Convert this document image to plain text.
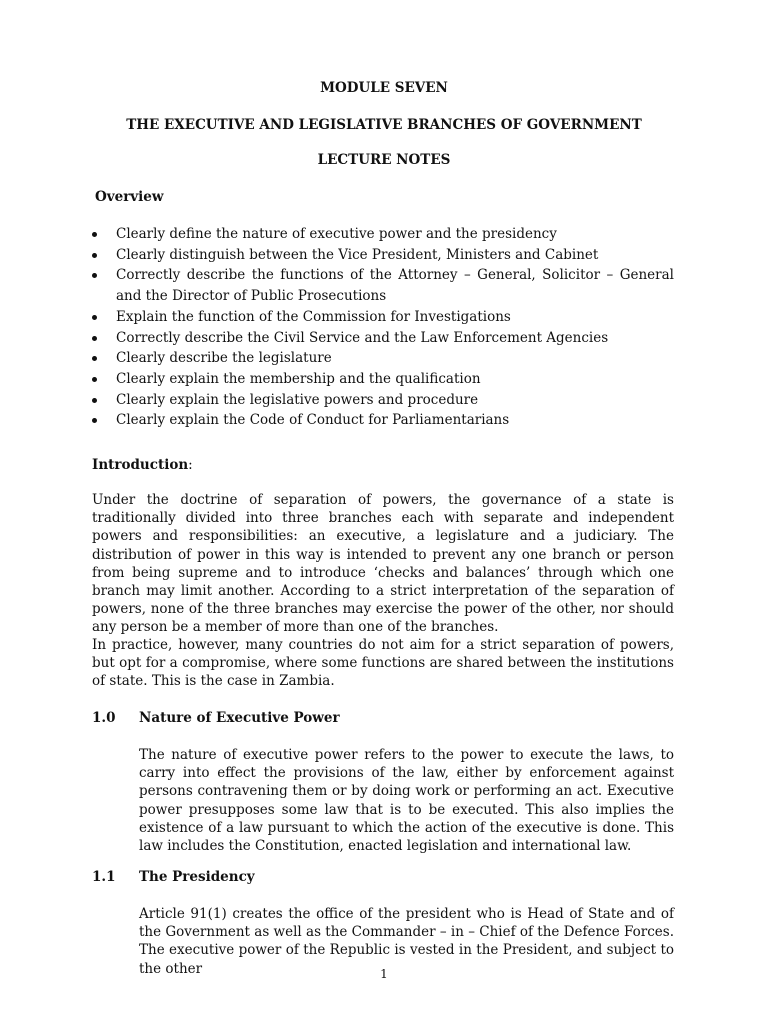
MODULE SEVEN
THE EXECUTIVE AND LEGISLATIVE BRANCHES OF GOVERNMENT
LECTURE NOTES
Overview
Clearly define the nature of executive power and the presidency
Clearly distinguish between the Vice President, Ministers and Cabinet
Correctly describe the functions of the Attorney – General, Solicitor – General and the Director of Public Prosecutions
Explain the function of the Commission for Investigations
Correctly describe the Civil Service and the Law Enforcement Agencies
Clearly describe the legislature
Clearly explain the membership and the qualification
Clearly explain the legislative powers and procedure
Clearly explain the Code of Conduct for Parliamentarians
Introduction:

Under the doctrine of separation of powers, the governance of a state is traditionally divided into three branches each with separate and independent powers and responsibilities: an executive, a legislature and a judiciary. The distribution of power in this way is intended to prevent any one branch or person from being supreme and to introduce ‘checks and balances’ through which one branch may limit another. According to a strict interpretation of the separation of powers, none of the three branches may exercise the power of the other, nor should any person be a member of more than one of the branches.

In practice, however, many countries do not aim for a strict separation of powers, but opt for a compromise, where some functions are shared between the institutions of state. This is the case in Zambia.

1.0 Nature of Executive Power

The nature of executive power refers to the power to execute the laws, to carry into effect the provisions of the law, either by enforcement against persons contravening them or by doing work or performing an act. Executive power presupposes some law that is to be executed. This also implies the existence of a law pursuant to which the action of the executive is done. This law includes the Constitution, enacted legislation and international law.

1.1 The Presidency

Article 91(1) creates the office of the president who is Head of State and of the Government as well as the Commander – in – Chief of the Defence Forces. The executive power of the Republic is vested in the President, and subject to the other	1
